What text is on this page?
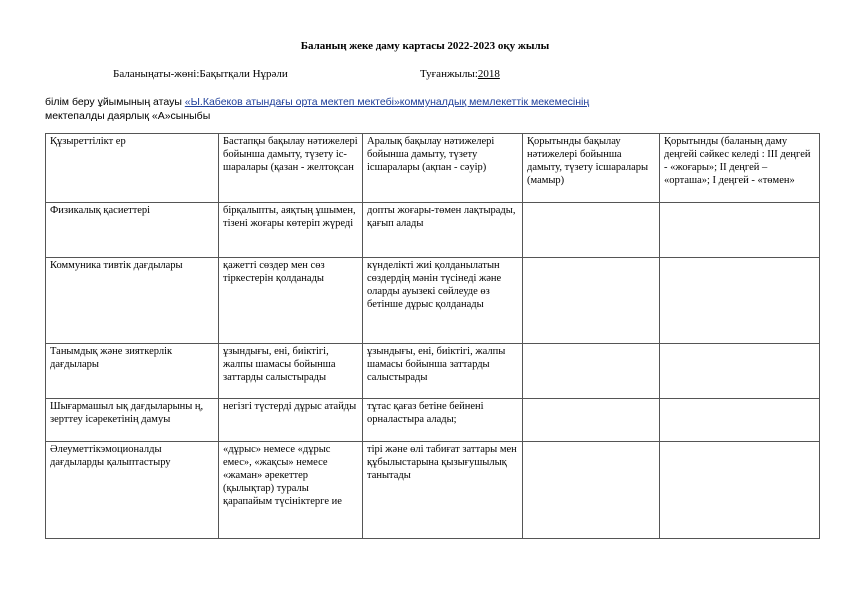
Баланың жеке даму картасы 2022-2023 оқу жылы
Баланыңаты-жөні:Бақытқали Нұрәли	Туғанжылы:2018
білім беру ұйымының атауы «Ы.Кабеков атындағы орта мектеп мектебі»коммуналдық мемлекеттік мекемесінің
мектепалды даярлық «А»сыныбы
Құзыреттілікт ер	Бастапқы бақылау нәтижелері бойынша дамыту, түзету іс-шаралары (қазан - желтоқсан	Аралық бақылау нәтижелері бойынша дамыту, түзету ісшаралары (ақпан - сәуір)	Қорытынды бақылау нәтижелері бойынша дамыту, түзету ісшаралары (мамыр)	Қорытынды (баланың даму деңгейі сәйкес келеді : ІІІ деңгей - «жоғары»; ІІ деңгей – «орташа»; І деңгей - «төмен»
Физикалық қасиеттері	бірқалыпты, аяқтың ұшымен, тізені жоғары көтеріп жүреді	допты жоғары-төмен лақтырады, қағып алады		
Коммуника тивтік дағдылары	қажетті сөздер мен сөз тіркестерін қолданады	күнделікті жиі қолданылатын сөздердің мәнін түсінеді және оларды ауызекі сөйлеуде өз бетінше дұрыс қолданады		
Танымдық және зияткерлік дағдылары	ұзындығы, ені, биіктігі, жалпы шамасы бойынша заттарды салыстырады	ұзындығы, ені, биіктігі, жалпы шамасы бойынша заттарды салыстырады		
Шығармашыл ық дағдыларыны ң, зерттеу ісәрекетінің дамуы	негізгі түстерді дұрыс атайды	тұтас қағаз бетіне бейнені орналастыра алады;		
Әлеуметтікэмоционалды дағдыларды қалыптастыру	«дұрыс» немесе «дұрыс емес», «жақсы» немесе «жаман» әрекеттер (қылықтар) туралы қарапайым түсініктерге ие	тірі және өлі табиғат заттары мен құбылыстарына қызығушылық танытады		
